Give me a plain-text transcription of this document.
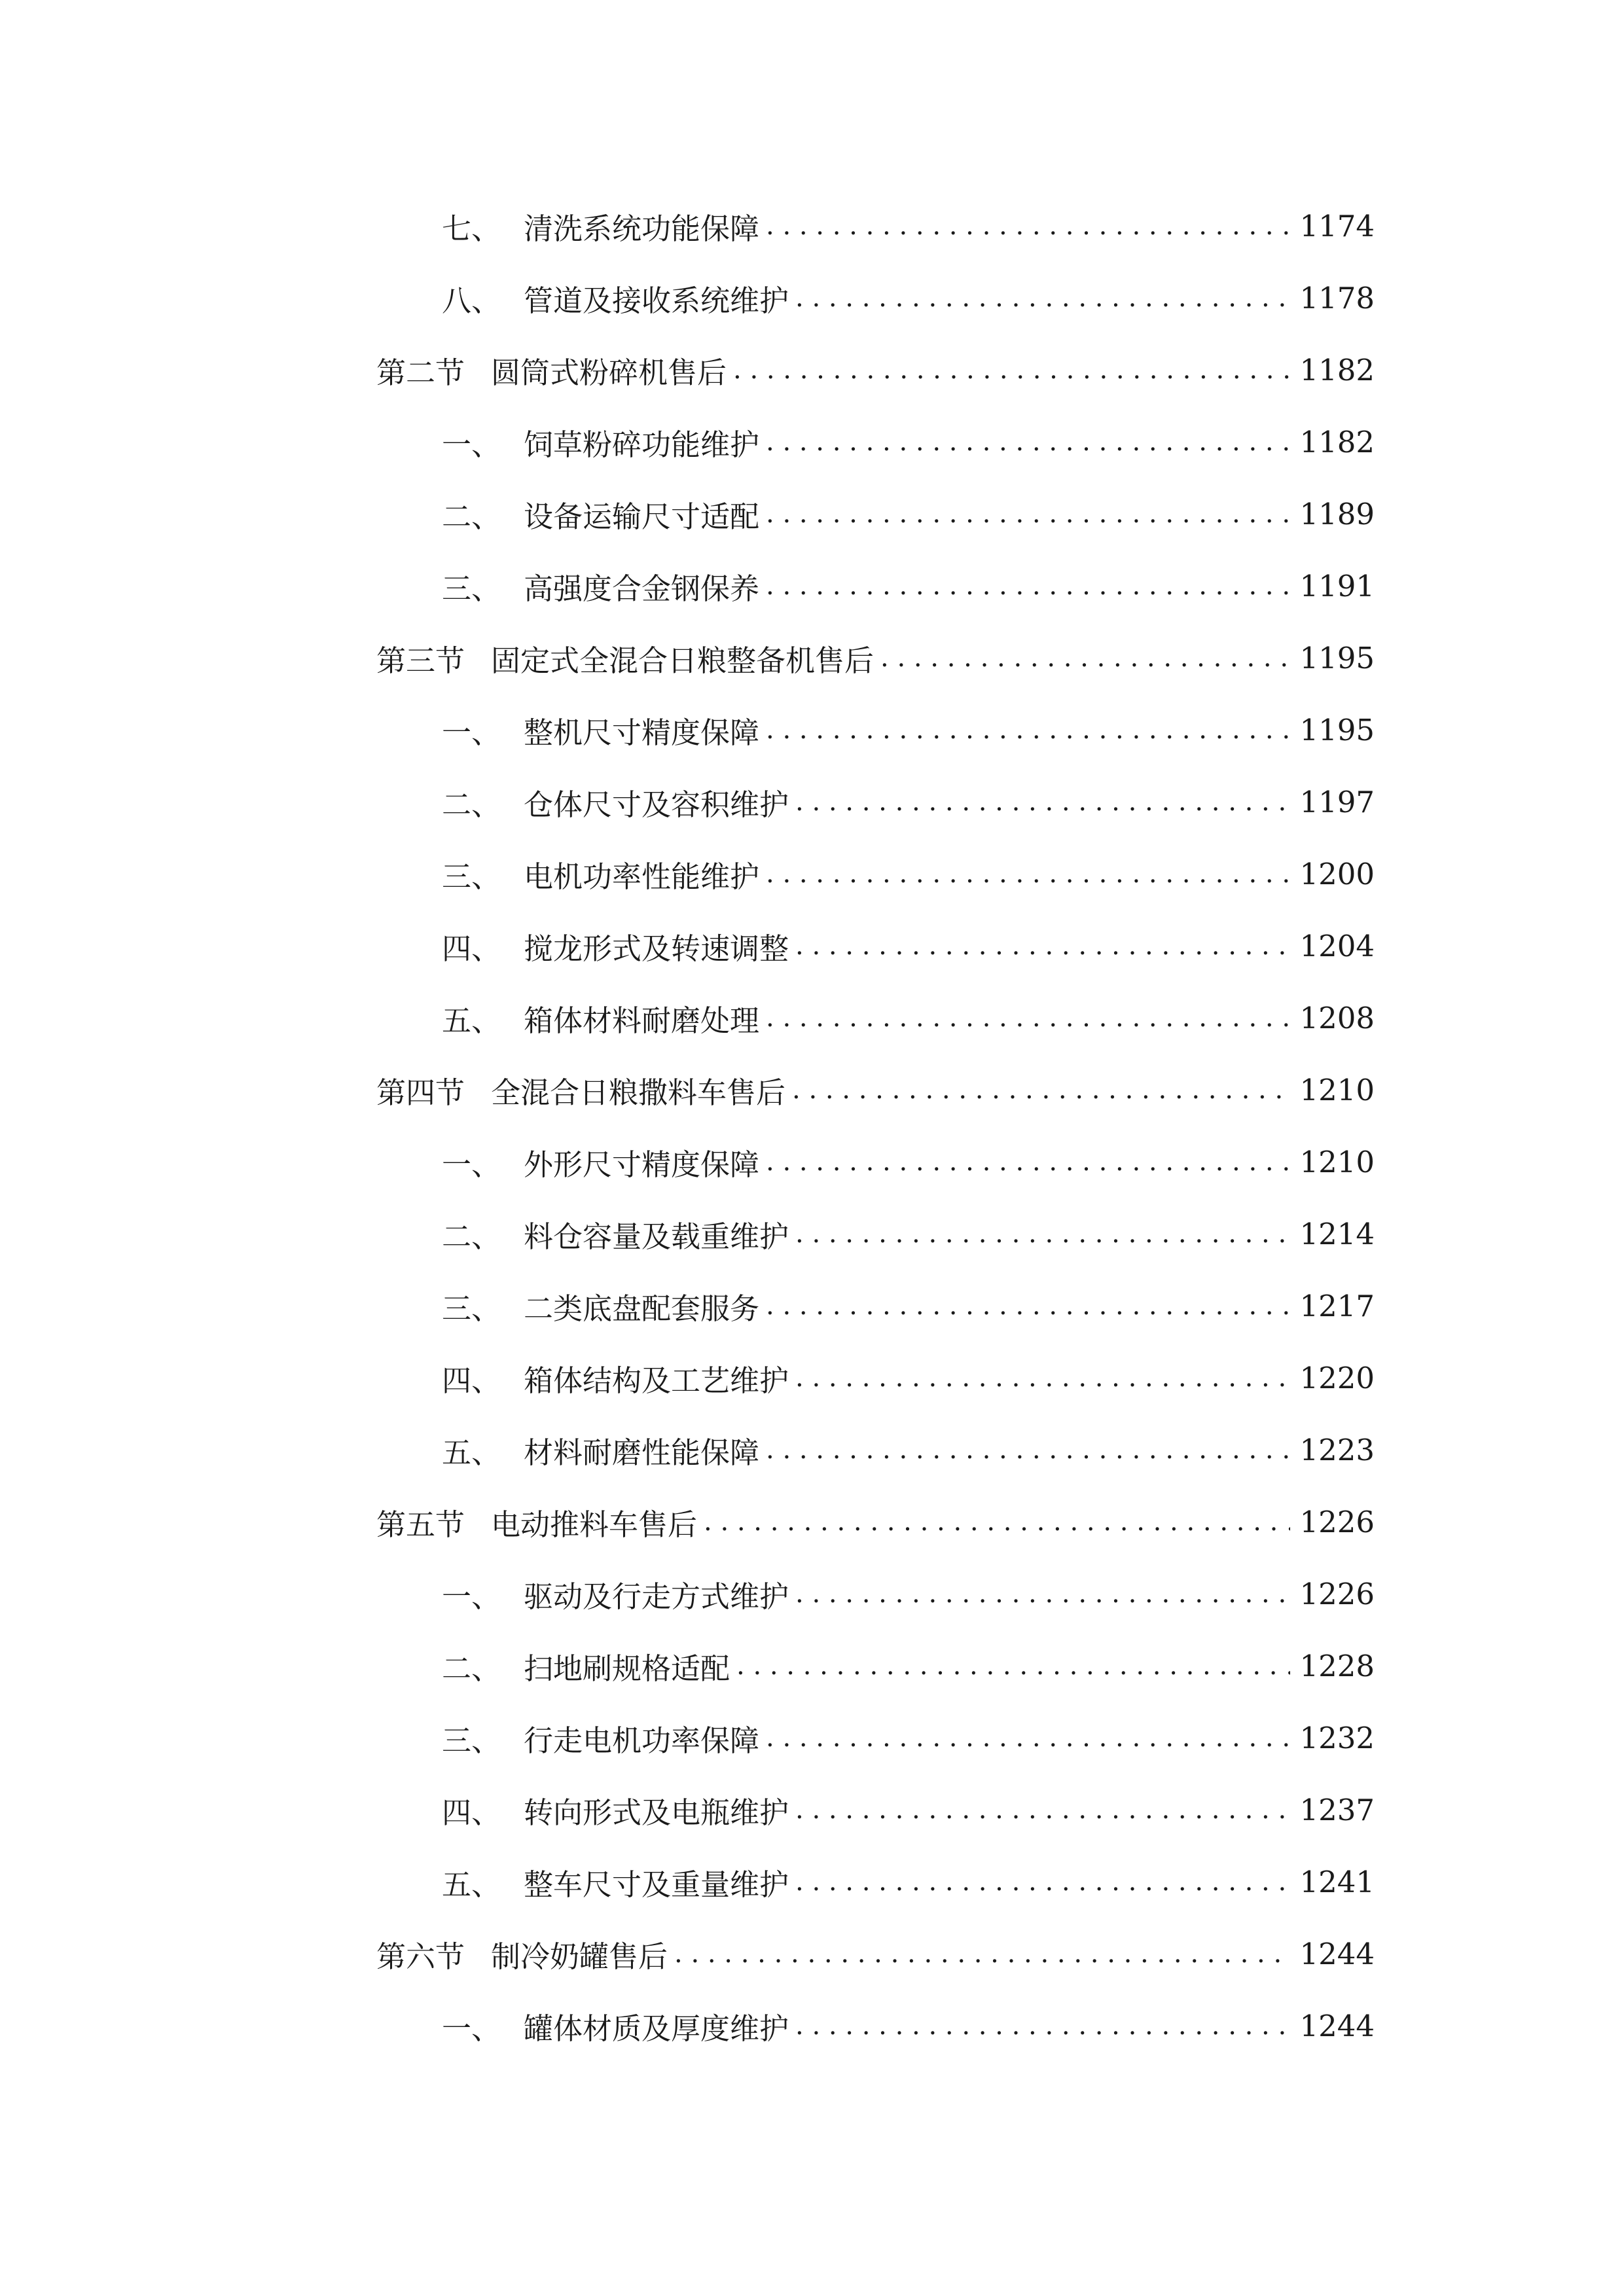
七、 清洗系统功能保障 . . .	1174
八、 管道及接收系统维护 . . .	1178
第二节 圆筒式粉碎机售后 . . .	1182
一、 饲草粉碎功能维护 . . .	1182
二、 设备运输尺寸适配 . . .	1189
三、 高强度合金钢保养 . . .	1191
第三节 固定式全混合日粮整备机售后 . . .	1195
一、 整机尺寸精度保障 . . .	1195
二、 仓体尺寸及容积维护 . . .	1197
三、 电机功率性能维护 . . .	1200
四、 搅龙形式及转速调整 . . .	1204
五、 箱体材料耐磨处理 . . .	1208
第四节 全混合日粮撒料车售后 . . .	1210
一、 外形尺寸精度保障 . . .	1210
二、 料仓容量及载重维护 . . .	1214
三、 二类底盘配套服务 . . .	1217
四、 箱体结构及工艺维护 . . .	1220
五、 材料耐磨性能保障 . . .	1223
第五节 电动推料车售后 . . .	1226
一、 驱动及行走方式维护 . . .	1226
二、 扫地刷规格适配 . . .	1228
三、 行走电机功率保障 . . .	1232
四、 转向形式及电瓶维护 . . .	1237
五、 整车尺寸及重量维护 . . .	1241
第六节 制冷奶罐售后 . . .	1244
一、 罐体材质及厚度维护 . . .	1244
